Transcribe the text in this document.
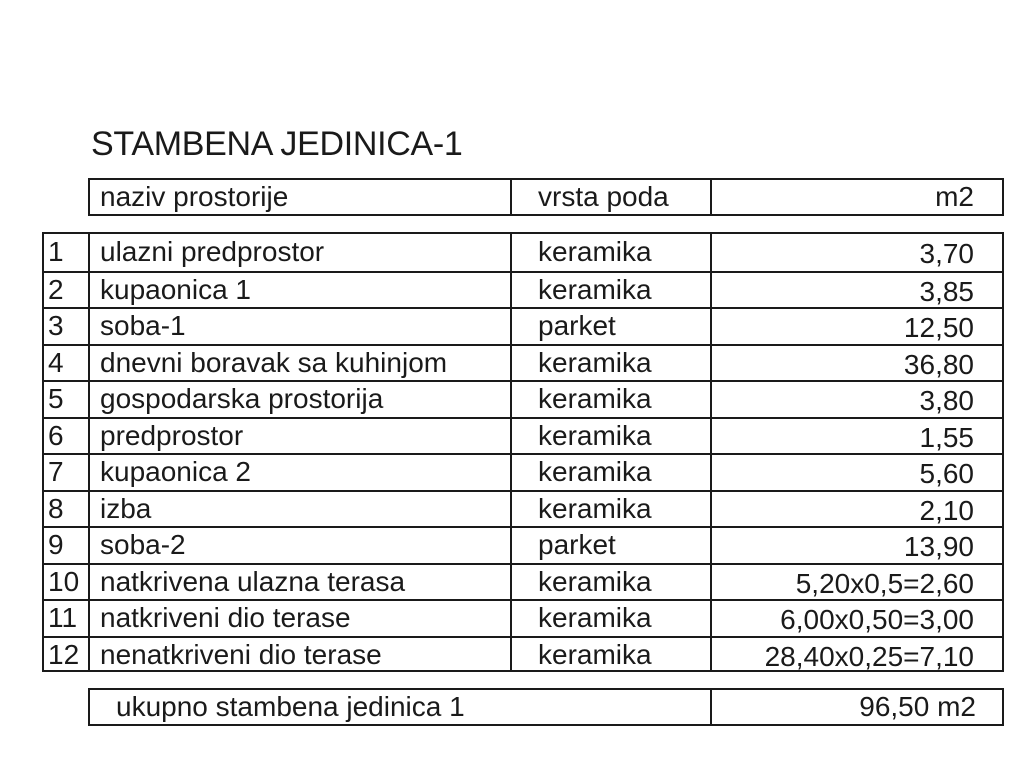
STAMBENA JEDINICA-1
naziv prostorije	vrsta poda	m2
1	ulazni predprostor	keramika	3,70
2	kupaonica 1	keramika	3,85
3	soba-1	parket	12,50
4	dnevni boravak sa kuhinjom	keramika	36,80
5	gospodarska prostorija	keramika	3,80
6	predprostor	keramika	1,55
7	kupaonica 2	keramika	5,60
8	izba	keramika	2,10
9	soba-2	parket	13,90
10 natkrivena ulazna terasa	keramika	5,20x0,5=2,60
11 natkriveni dio terase	keramika	6,00x0,50=3,00
12 nenatkriveni dio terase	keramika	28,40x0,25=7,10
ukupno stambena jedinica 1	96,50 m2
